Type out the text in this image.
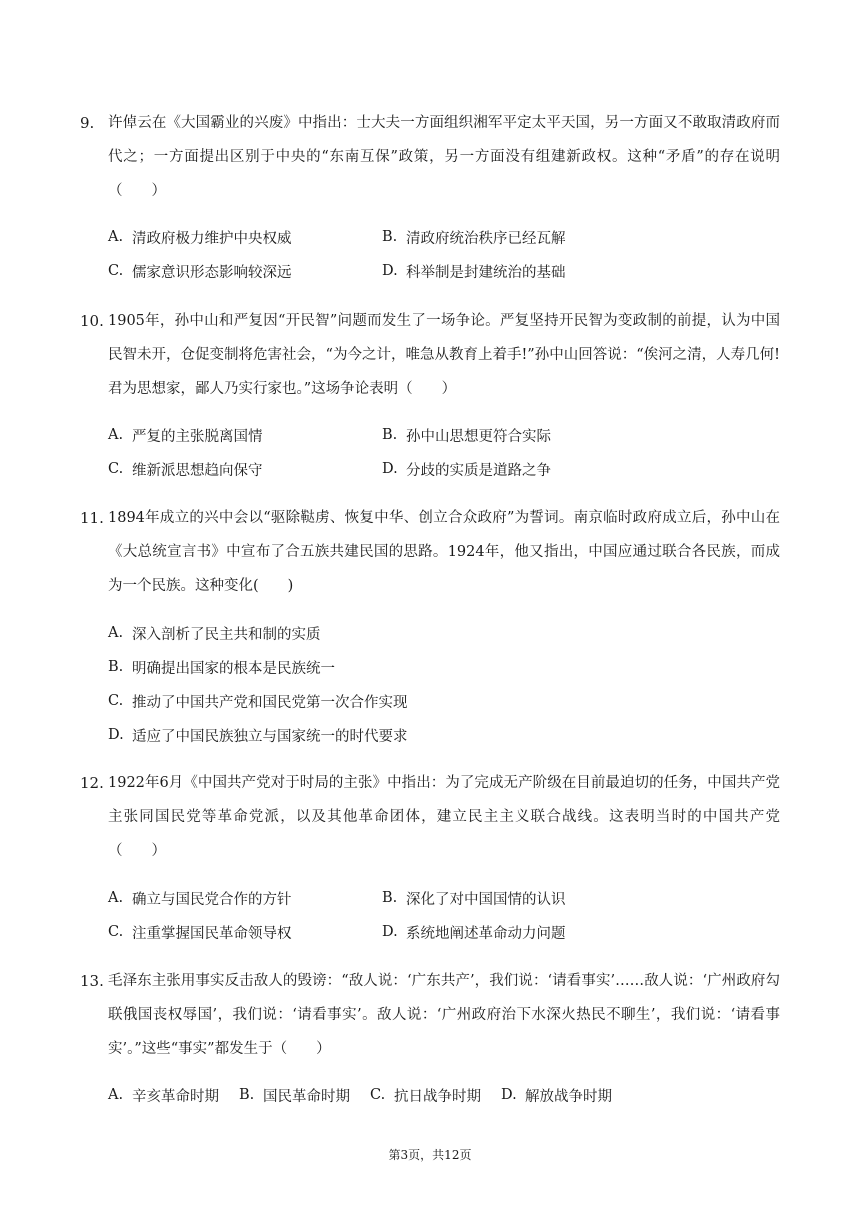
9. 许倬云在《大国霸业的兴废》中指出：士大夫一方面组织湘军平定太平天国，另一方面又不敢取清政府而代之；一方面提出区别于中央的“东南互保”政策，另一方面没有组建新政权。这种“矛盾”的存在说明（　　）
A. 清政府极力维护中央权威	B. 清政府统治秩序已经瓦解
C. 儒家意识形态影响较深远	D. 科举制是封建统治的基础
10. 1905年，孙中山和严复因“开民智”问题而发生了一场争论。严复坚持开民智为变政制的前提，认为中国民智未开，仓促变制将危害社会，“为今之计，唯急从教育上着手!”孙中山回答说：“俟河之清，人寿几何!君为思想家，鄙人乃实行家也。”这场争论表明（　　）
A. 严复的主张脱离国情	B. 孙中山思想更符合实际
C. 维新派思想趋向保守	D. 分歧的实质是道路之争
11. 1894年成立的兴中会以“驱除鞑虏、恢复中华、创立合众政府”为誓词。南京临时政府成立后，孙中山在《大总统宣言书》中宣布了合五族共建民国的思路。1924年，他又指出，中国应通过联合各民族，而成为一个民族。这种变化(　　)
A. 深入剖析了民主共和制的实质
B. 明确提出国家的根本是民族统一
C. 推动了中国共产党和国民党第一次合作实现
D. 适应了中国民族独立与国家统一的时代要求
12. 1922年6月《中国共产党对于时局的主张》中指出：为了完成无产阶级在目前最迫切的任务，中国共产党主张同国民党等革命党派，以及其他革命团体，建立民主主义联合战线。这表明当时的中国共产党（　　）
A. 确立与国民党合作的方针	B. 深化了对中国国情的认识
C. 注重掌握国民革命领导权	D. 系统地阐述革命动力问题
13. 毛泽东主张用事实反击敌人的毁谤：“敌人说：‘广东共产’，我们说：‘请看事实’……敌人说：‘广州政府勾联俄国丧权辱国’，我们说：‘请看事实’。敌人说：‘广州政府治下水深火热民不聊生’，我们说：‘请看事实’。”这些“事实”都发生于（　　）
A. 辛亥革命时期 B. 国民革命时期 C. 抗日战争时期 D. 解放战争时期
第3页，共12页
